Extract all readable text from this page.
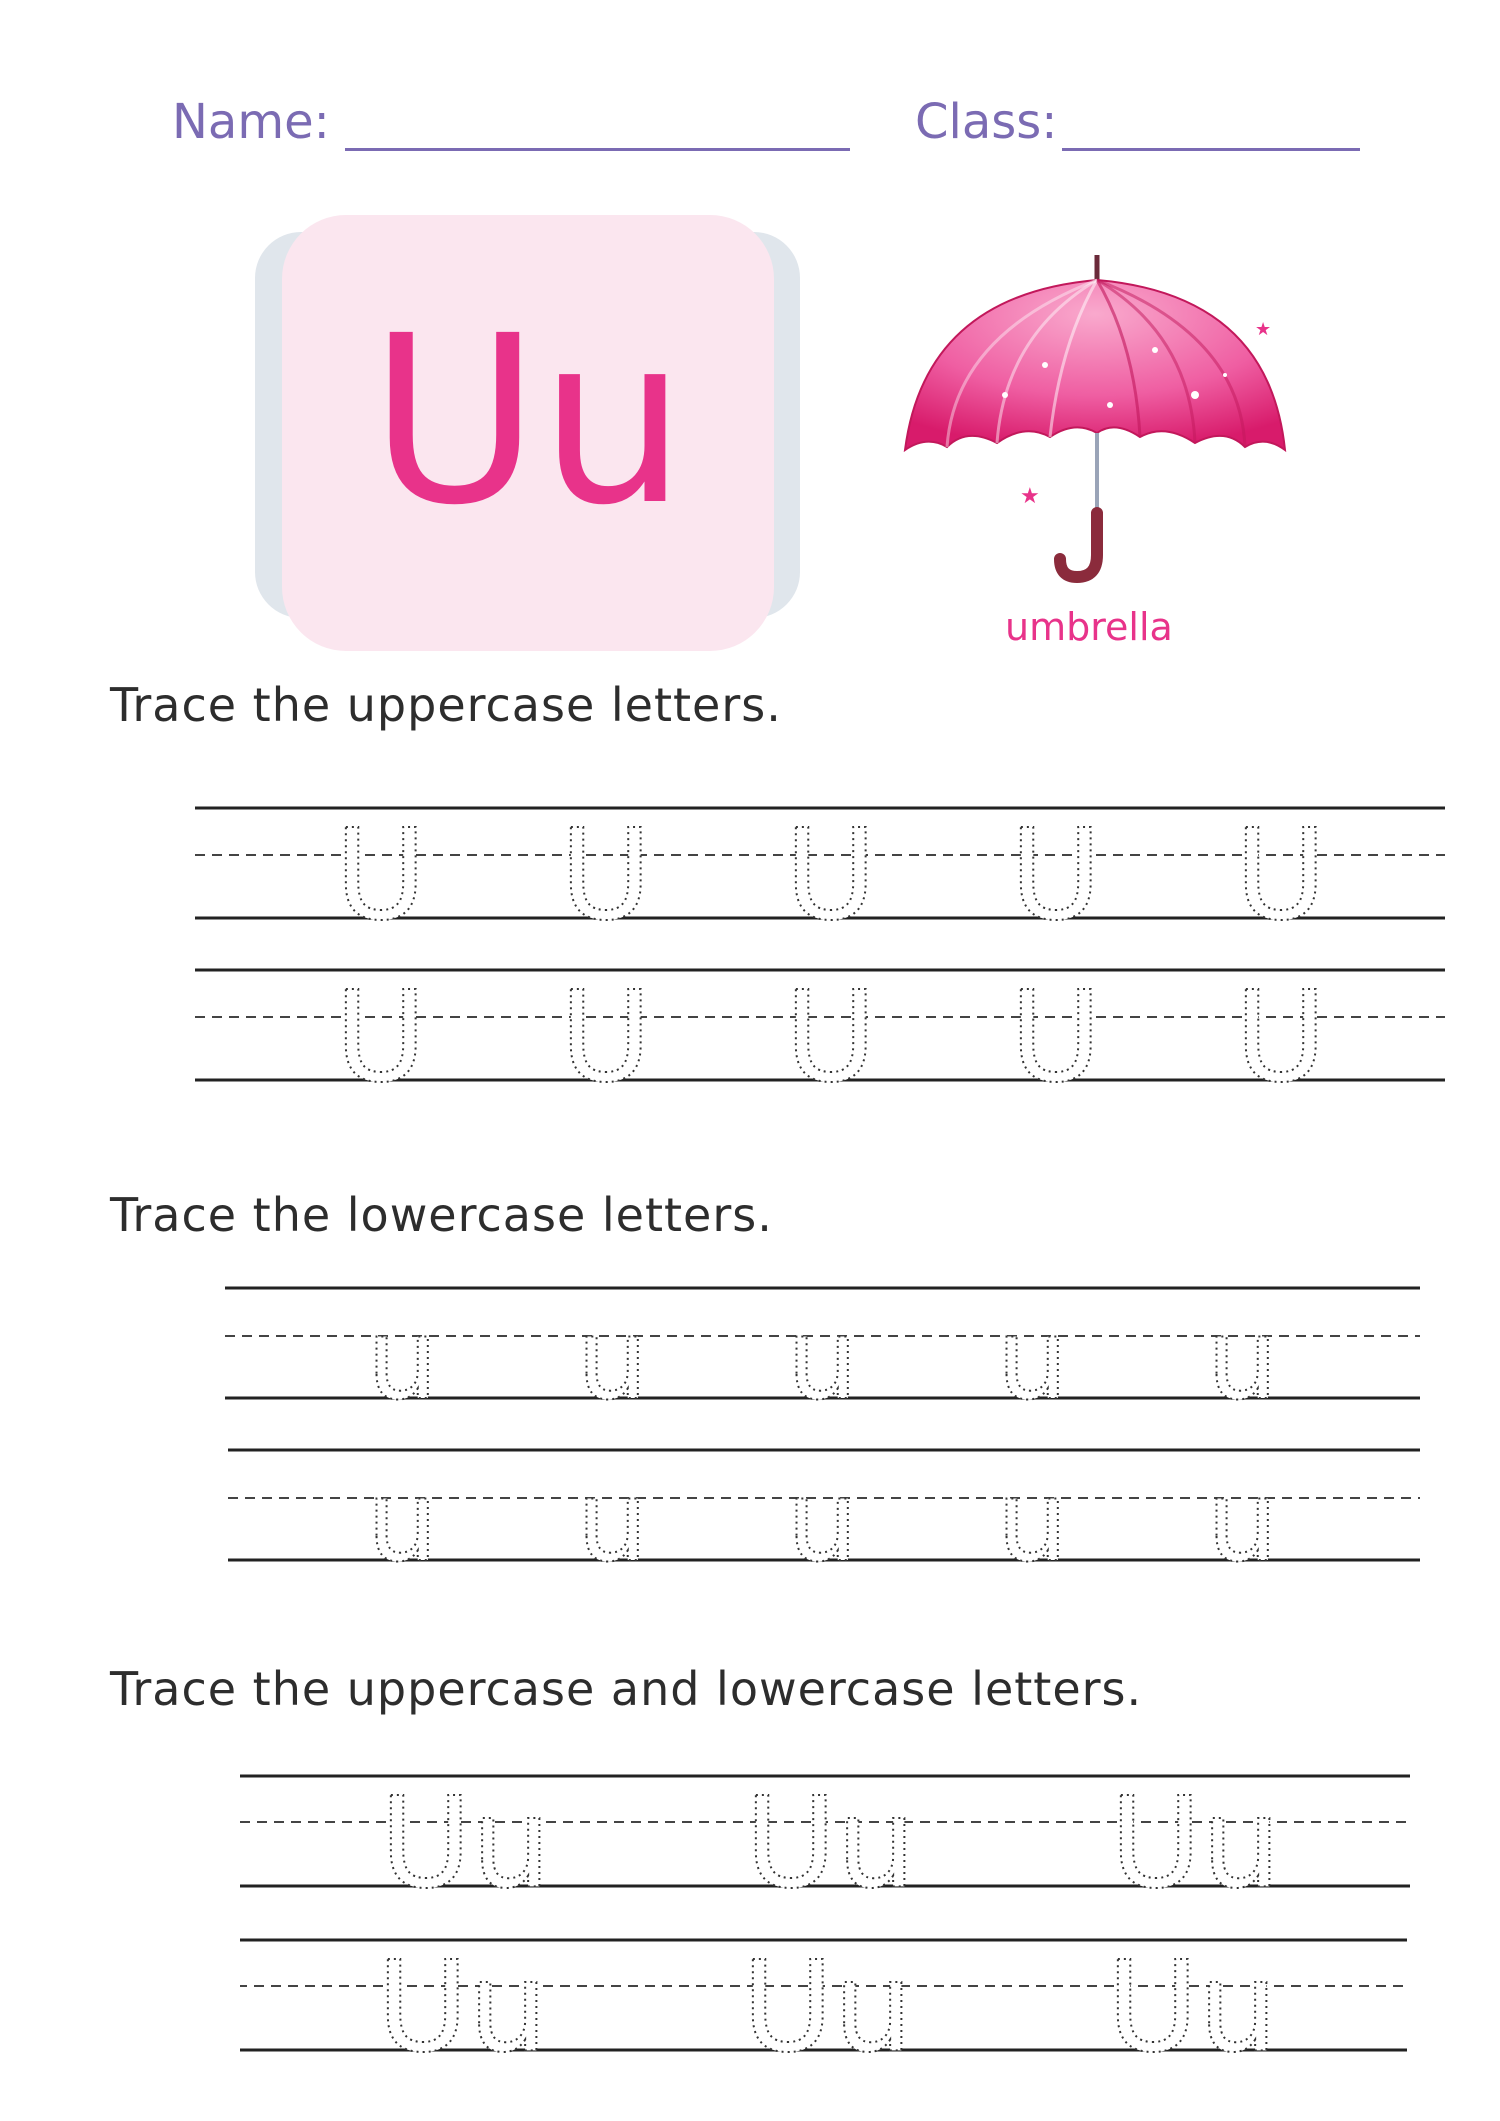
Name:	Class:
Uu	★
★
umbrella
Trace the uppercase letters.
U U U U U
U U U U U
Trace the lowercase letters.
u u u u u
u u u u u
Trace the uppercase and lowercase letters.
Uu Uu Uu
Uu Uu Uu
